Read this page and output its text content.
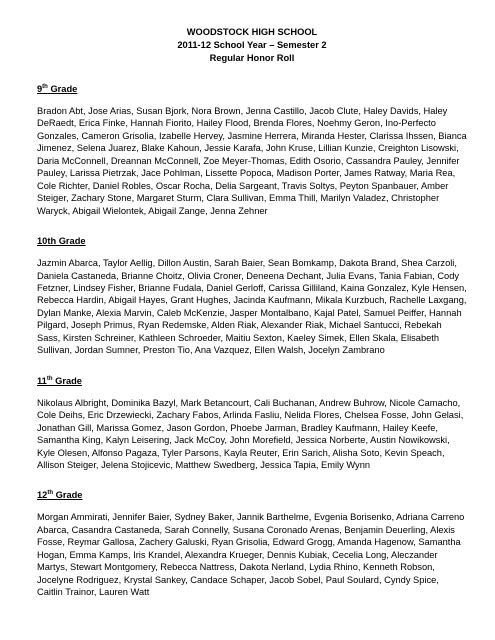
WOODSTOCK HIGH SCHOOL
2011-12 School Year – Semester 2
Regular Honor Roll
9th Grade
Bradon Abt, Jose Arias, Susan Bjork, Nora Brown, Jenna Castillo, Jacob Clute, Haley Davids, Haley DeRaedt, Erica Finke, Hannah Fiorito, Hailey Flood, Brenda Flores, Noehmy Geron, Ino-Perfecto Gonzales, Cameron Grisolia, Izabelle Hervey, Jasmine Herrera, Miranda Hester, Clarissa Ihssen, Bianca Jimenez, Selena Juarez, Blake Kahoun, Jessie Karafa, John Kruse, Lillian Kunzie, Creighton Lisowski, Daria McConnell, Dreannan McConnell, Zoe Meyer-Thomas, Edith Osorio, Cassandra Pauley, Jennifer Pauley, Larissa Pietrzak, Jace Pohlman, Lissette Popoca, Madison Porter, James Ratway, Maria Rea, Cole Richter, Daniel Robles, Oscar Rocha, Delia Sargeant, Travis Soltys, Peyton Spanbauer, Amber Steiger, Zachary Stone, Margaret Sturm, Clara Sullivan, Emma Thill, Marilyn Valadez, Christopher Waryck, Abigail Wielontek, Abigail Zange, Jenna Zehner
10th Grade
Jazmin Abarca, Taylor Aellig, Dillon Austin, Sarah Baier, Sean Bomkamp, Dakota Brand, Shea Carzoli, Daniela Castaneda, Brianne Choitz, Olivia Croner, Deneena Dechant, Julia Evans, Tania Fabian, Cody Fetzner, Lindsey Fisher, Brianne Fudala, Daniel Gerloff, Carissa Gilliland, Kaina Gonzalez, Kyle Hensen, Rebecca Hardin, Abigail Hayes, Grant Hughes, Jacinda Kaufmann, Mikala Kurzbuch, Rachelle Laxgang, Dylan Manke, Alexia Marvin, Caleb McKenzie, Jasper Montalbano, Kajal Patel, Samuel Peiffer, Hannah Pilgard, Joseph Primus, Ryan Redemske, Alden Riak, Alexander Riak, Michael Santucci, Rebekah Sass, Kirsten Schreiner, Kathleen Schroeder, Maitiu Sexton, Kaeley Simek, Ellen Skala, Elisabeth Sullivan, Jordan Sumner, Preston Tio, Ana Vazquez, Ellen Walsh, Jocelyn Zambrano
11th Grade
Nikolaus Albright, Dominika Bazyl, Mark Betancourt, Cali Buchanan, Andrew Buhrow, Nicole Camacho, Cole Deihs, Eric Drzewiecki, Zachary Fabos, Arlinda Fasliu, Nelida Flores, Chelsea Fosse, John Gelasi, Jonathan Gill, Marissa Gomez, Jason Gordon, Phoebe Jarman, Bradley Kaufmann, Hailey Keefe, Samantha King, Kalyn Leisering, Jack McCoy, John Morefield, Jessica Norberte, Austin Nowikowski, Kyle Olesen, Alfonso Pagaza, Tyler Parsons, Kayla Reuter, Erin Sarich, Alisha Soto, Kevin Speach, Allison Steiger, Jelena Stojicevic, Matthew Swedberg, Jessica Tapia, Emily Wynn
12th Grade
Morgan Ammirati, Jennifer Baier, Sydney Baker, Jannik Barthelme, Evgenia Borisenko, Adriana Carreno Abarca, Casandra Castaneda, Sarah Connelly, Susana Coronado Arenas, Benjamin Deuerling, Alexis Fosse, Reymar Gallosa, Zachery Galuski, Ryan Grisolia, Edward Grogg, Amanda Hagenow, Samantha Hogan, Emma Kamps, Iris Krandel, Alexandra Krueger, Dennis Kubiak, Cecelia Long, Aleczander Martys, Stewart Montgomery, Rebecca Nattress, Dakota Nerland, Lydia Rhino, Kenneth Robson, Jocelyne Rodriguez, Krystal Sankey, Candace Schaper, Jacob Sobel, Paul Soulard, Cyndy Spice, Caitlin Trainor, Lauren Watt
